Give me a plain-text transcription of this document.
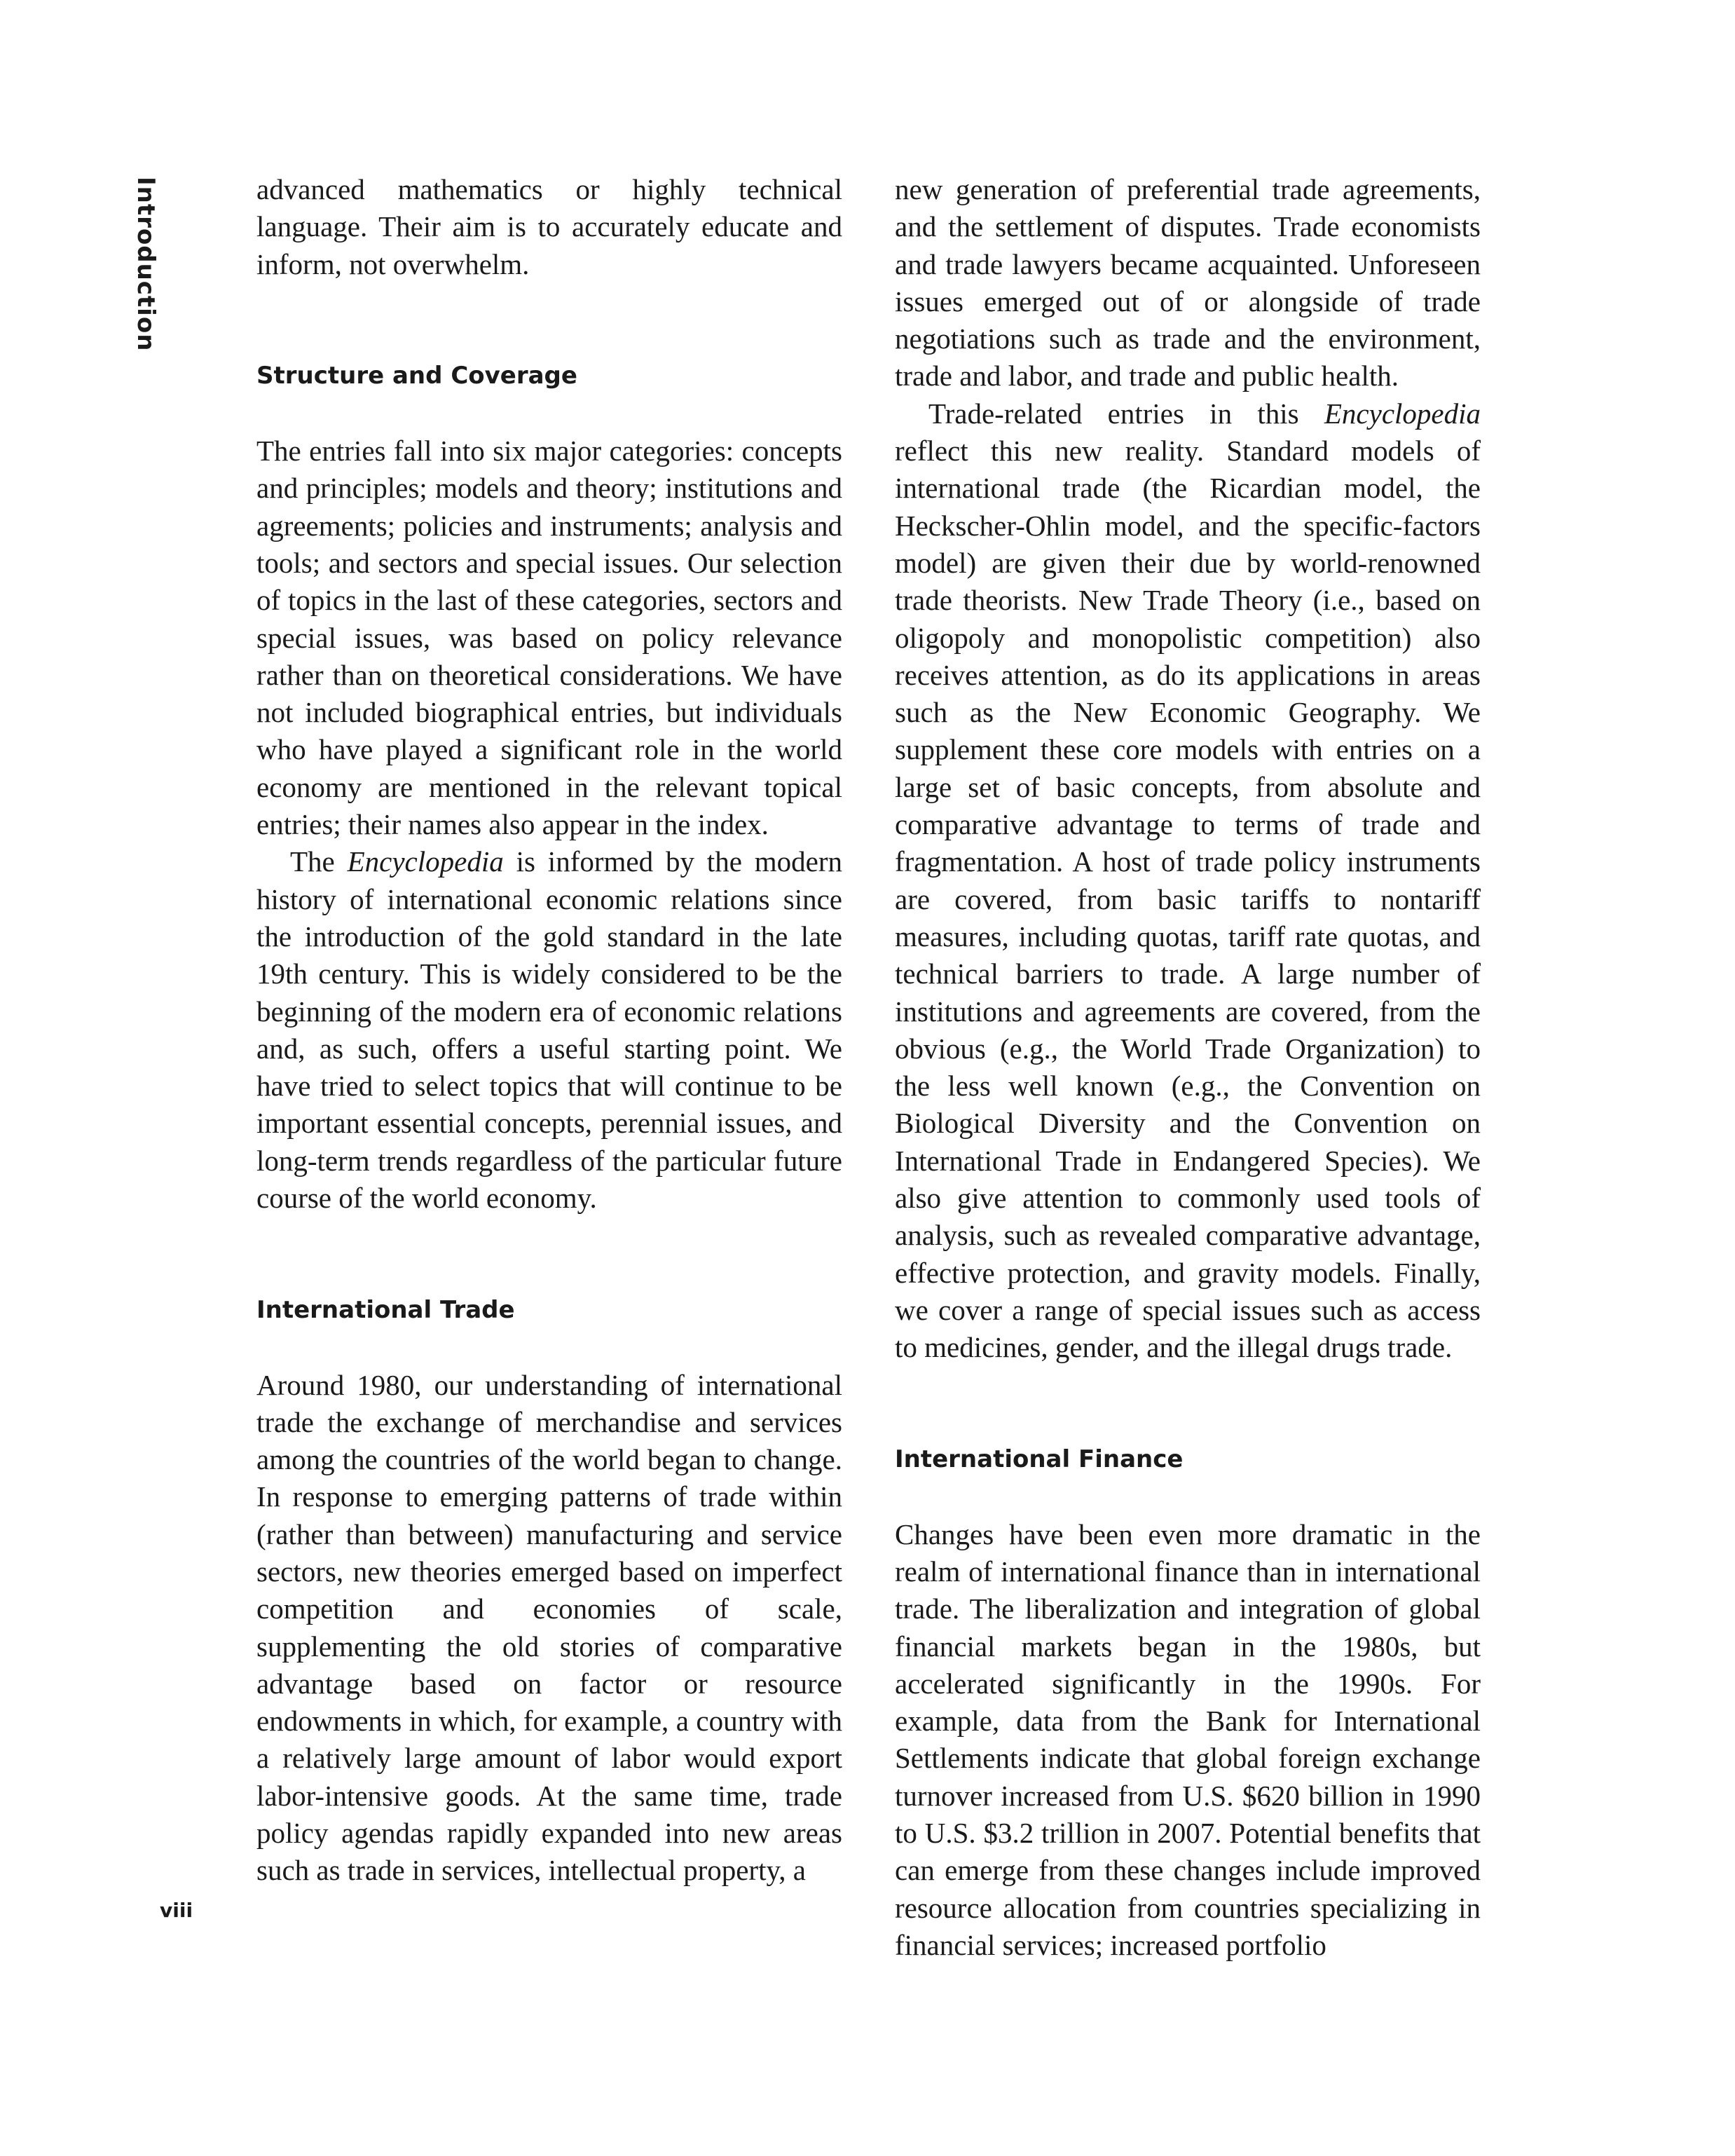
Introduction	advanced mathematics or highly technical language. Their aim is to accurately educate and inform, not overwhelm.

Structure and Coverage

The entries fall into six major categories: concepts and principles; models and theory; institutions and agreements; policies and instruments; analysis and tools; and sectors and special issues. Our selection of topics in the last of these categories, sectors and special issues, was based on policy relevance rather than on theoretical considerations. We have not included biographical entries, but individuals who have played a significant role in the world economy are mentioned in the relevant topical entries; their names also appear in the index.

The Encyclopedia is informed by the modern history of international economic relations since the introduction of the gold standard in the late 19th century. This is widely considered to be the beginning of the modern era of economic relations and, as such, offers a useful starting point. We have tried to select topics that will continue to be important essential concepts, perennial issues, and long-term trends regardless of the particular future course of the world economy.

International Trade

Around 1980, our understanding of international trade the exchange of merchandise and services among the countries of the world began to change. In response to emerging patterns of trade within (rather than between) manufacturing and service sectors, new theories emerged based on imperfect competition and economies of scale, supplementing the old stories of comparative advantage based on factor or resource endowments in which, for example, a country with a relatively large amount of labor would export labor-intensive goods. At the same time, trade policy agendas rapidly expanded into new areas such as trade in services, intellectual property, a

new generation of preferential trade agreements, and the settlement of disputes. Trade economists and trade lawyers became acquainted. Unforeseen issues emerged out of or alongside of trade negotiations such as trade and the environment, trade and labor, and trade and public health.

Trade-related entries in this Encyclopedia reflect this new reality. Standard models of international trade (the Ricardian model, the Heckscher-Ohlin model, and the specific-factors model) are given their due by world-renowned trade theorists. New Trade Theory (i.e., based on oligopoly and monopolistic competition) also receives attention, as do its applications in areas such as the New Economic Geography. We supplement these core models with entries on a large set of basic concepts, from absolute and comparative advantage to terms of trade and fragmentation. A host of trade policy instruments are covered, from basic tariffs to nontariff measures, including quotas, tariff rate quotas, and technical barriers to trade. A large number of institutions and agreements are covered, from the obvious (e.g., the World Trade Organization) to the less well known (e.g., the Convention on Biological Diversity and the Convention on International Trade in Endangered Species). We also give attention to commonly used tools of analysis, such as revealed comparative advantage, effective protection, and gravity models. Finally, we cover a range of special issues such as access to medicines, gender, and the illegal drugs trade.

International Finance

Changes have been even more dramatic in the realm of international finance than in international trade. The liberalization and integration of global financial markets began in the 1980s, but accelerated significantly in the 1990s. For example, data from the Bank for International Settlements indicate that global foreign exchange turnover increased from U.S. $620 billion in 1990 to U.S. $3.2 trillion in 2007. Potential benefits that can emerge from these changes include improved resource allocation from countries specializing in financial services; increased portfolio

viii
